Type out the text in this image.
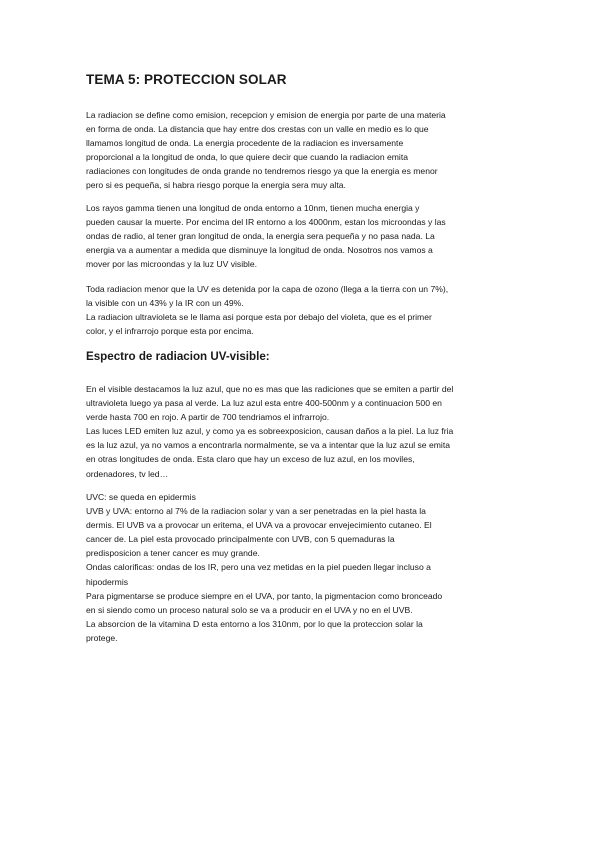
TEMA 5: PROTECCION SOLAR
La radiacion se define como emision, recepcion y emision de energia por parte de una materia
en forma de onda. La distancia que hay entre dos crestas con un valle en medio es lo que
llamamos longitud de onda. La energia procedente de la radiacion es inversamente
proporcional a la longitud de onda, lo que quiere decir que cuando la radiacion emita
radiaciones con longitudes de onda grande no tendremos riesgo ya que la energia es menor
pero si es pequeña, si habra riesgo porque la energia sera muy alta.
Los rayos gamma tienen una longitud de onda entorno a 10nm, tienen mucha energia y
pueden causar la muerte. Por encima del IR entorno a los 4000nm, estan los microondas y las
ondas de radio, al tener gran longitud de onda, la energia sera pequeña y no pasa nada. La
energia va a aumentar a medida que disminuye la longitud de onda. Nosotros nos vamos a
mover por las microondas y la luz UV visible.
Toda radiacion menor que la UV es detenida por la capa de ozono (llega a la tierra con un 7%),
la visible con un 43% y la IR con un 49%.
La radiacion ultravioleta se le llama asi porque esta por debajo del violeta, que es el primer
color, y el infrarrojo porque esta por encima.
Espectro de radiacion UV-visible:
En el visible destacamos la luz azul, que no es mas que las radiciones que se emiten a partir del
ultravioleta luego ya pasa al verde. La luz azul esta entre 400-500nm y a continuacion 500 en
verde hasta 700 en rojo. A partir de 700 tendriamos el infrarrojo.
Las luces LED emiten luz azul, y como ya es sobreexposicion, causan daños a la piel. La luz fria
es la luz azul, ya no vamos a encontrarla normalmente, se va a intentar que la luz azul se emita
en otras longitudes de onda. Esta claro que hay un exceso de luz azul, en los moviles,
ordenadores, tv led…
UVC: se queda en epidermis
UVB y UVA: entorno al 7% de la radiacion solar y van a ser penetradas en la piel hasta la
dermis. El UVB va a provocar un eritema, el UVA va a provocar envejecimiento cutaneo. El
cancer de. La piel esta provocado principalmente con UVB, con 5 quemaduras la
predisposicion a tener cancer es muy grande.
Ondas calorificas: ondas de los IR, pero una vez metidas en la piel pueden llegar incluso a
hipodermis
Para pigmentarse se produce siempre en el UVA, por tanto, la pigmentacion como bronceado
en si siendo como un proceso natural solo se va a producir en el UVA y no en el UVB.
La absorcion de la vitamina D esta entorno a los 310nm, por lo que la proteccion solar la
protege.
